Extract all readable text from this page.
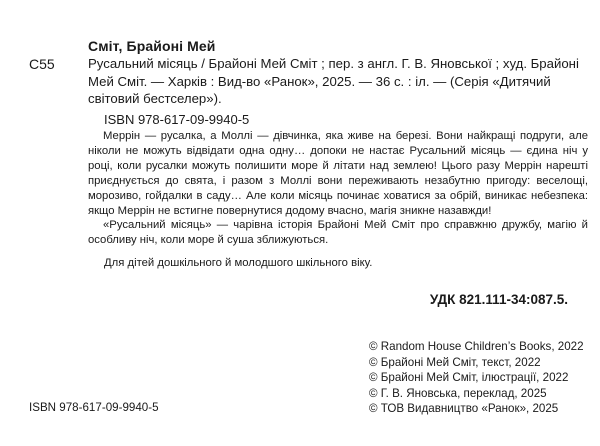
Сміт, Брайоні Мей
С55	Русальний місяць / Брайоні Мей Сміт ; пер. з англ. Г. В. Яновської ; худ. Брайоні Мей Сміт. — Харків : Вид-во «Ранок», 2025. — 36 с. : іл. — (Серія «Дитячий світовий бестселер»).
ISBN 978-617-09-9940-5

Меррін — русалка, а Моллі — дівчинка, яка живе на березі. Вони найкращі подруги, але ніколи не можуть відвідати одна одну… допоки не настає Русальний місяць — єдина ніч у році, коли русалки можуть полишити море й літати над землею! Цього разу Меррін нарешті приєднується до свята, і разом з Моллі вони переживають незабутню пригоду: веселощі, морозиво, гойдалки в саду… Але коли місяць починає ховатися за обрій, виникає небезпека: якщо Меррін не встигне повернутися додому вчасно, магія зникне назавжди!

«Русальний місяць» — чарівна історія Брайоні Мей Сміт про справжню дружбу, магію й особливу ніч, коли море й суша зближуються.

Для дітей дошкільного й молодшого шкільного віку.
УДК 821.111-34:087.5.
© Random House Children’s Books, 2022
© Брайоні Мей Сміт, текст, 2022
© Брайоні Мей Сміт, ілюстрації, 2022
© Г. В. Яновська, переклад, 2025
© ТОВ Видавництво «Ранок», 2025
ISBN 978-617-09-9940-5
